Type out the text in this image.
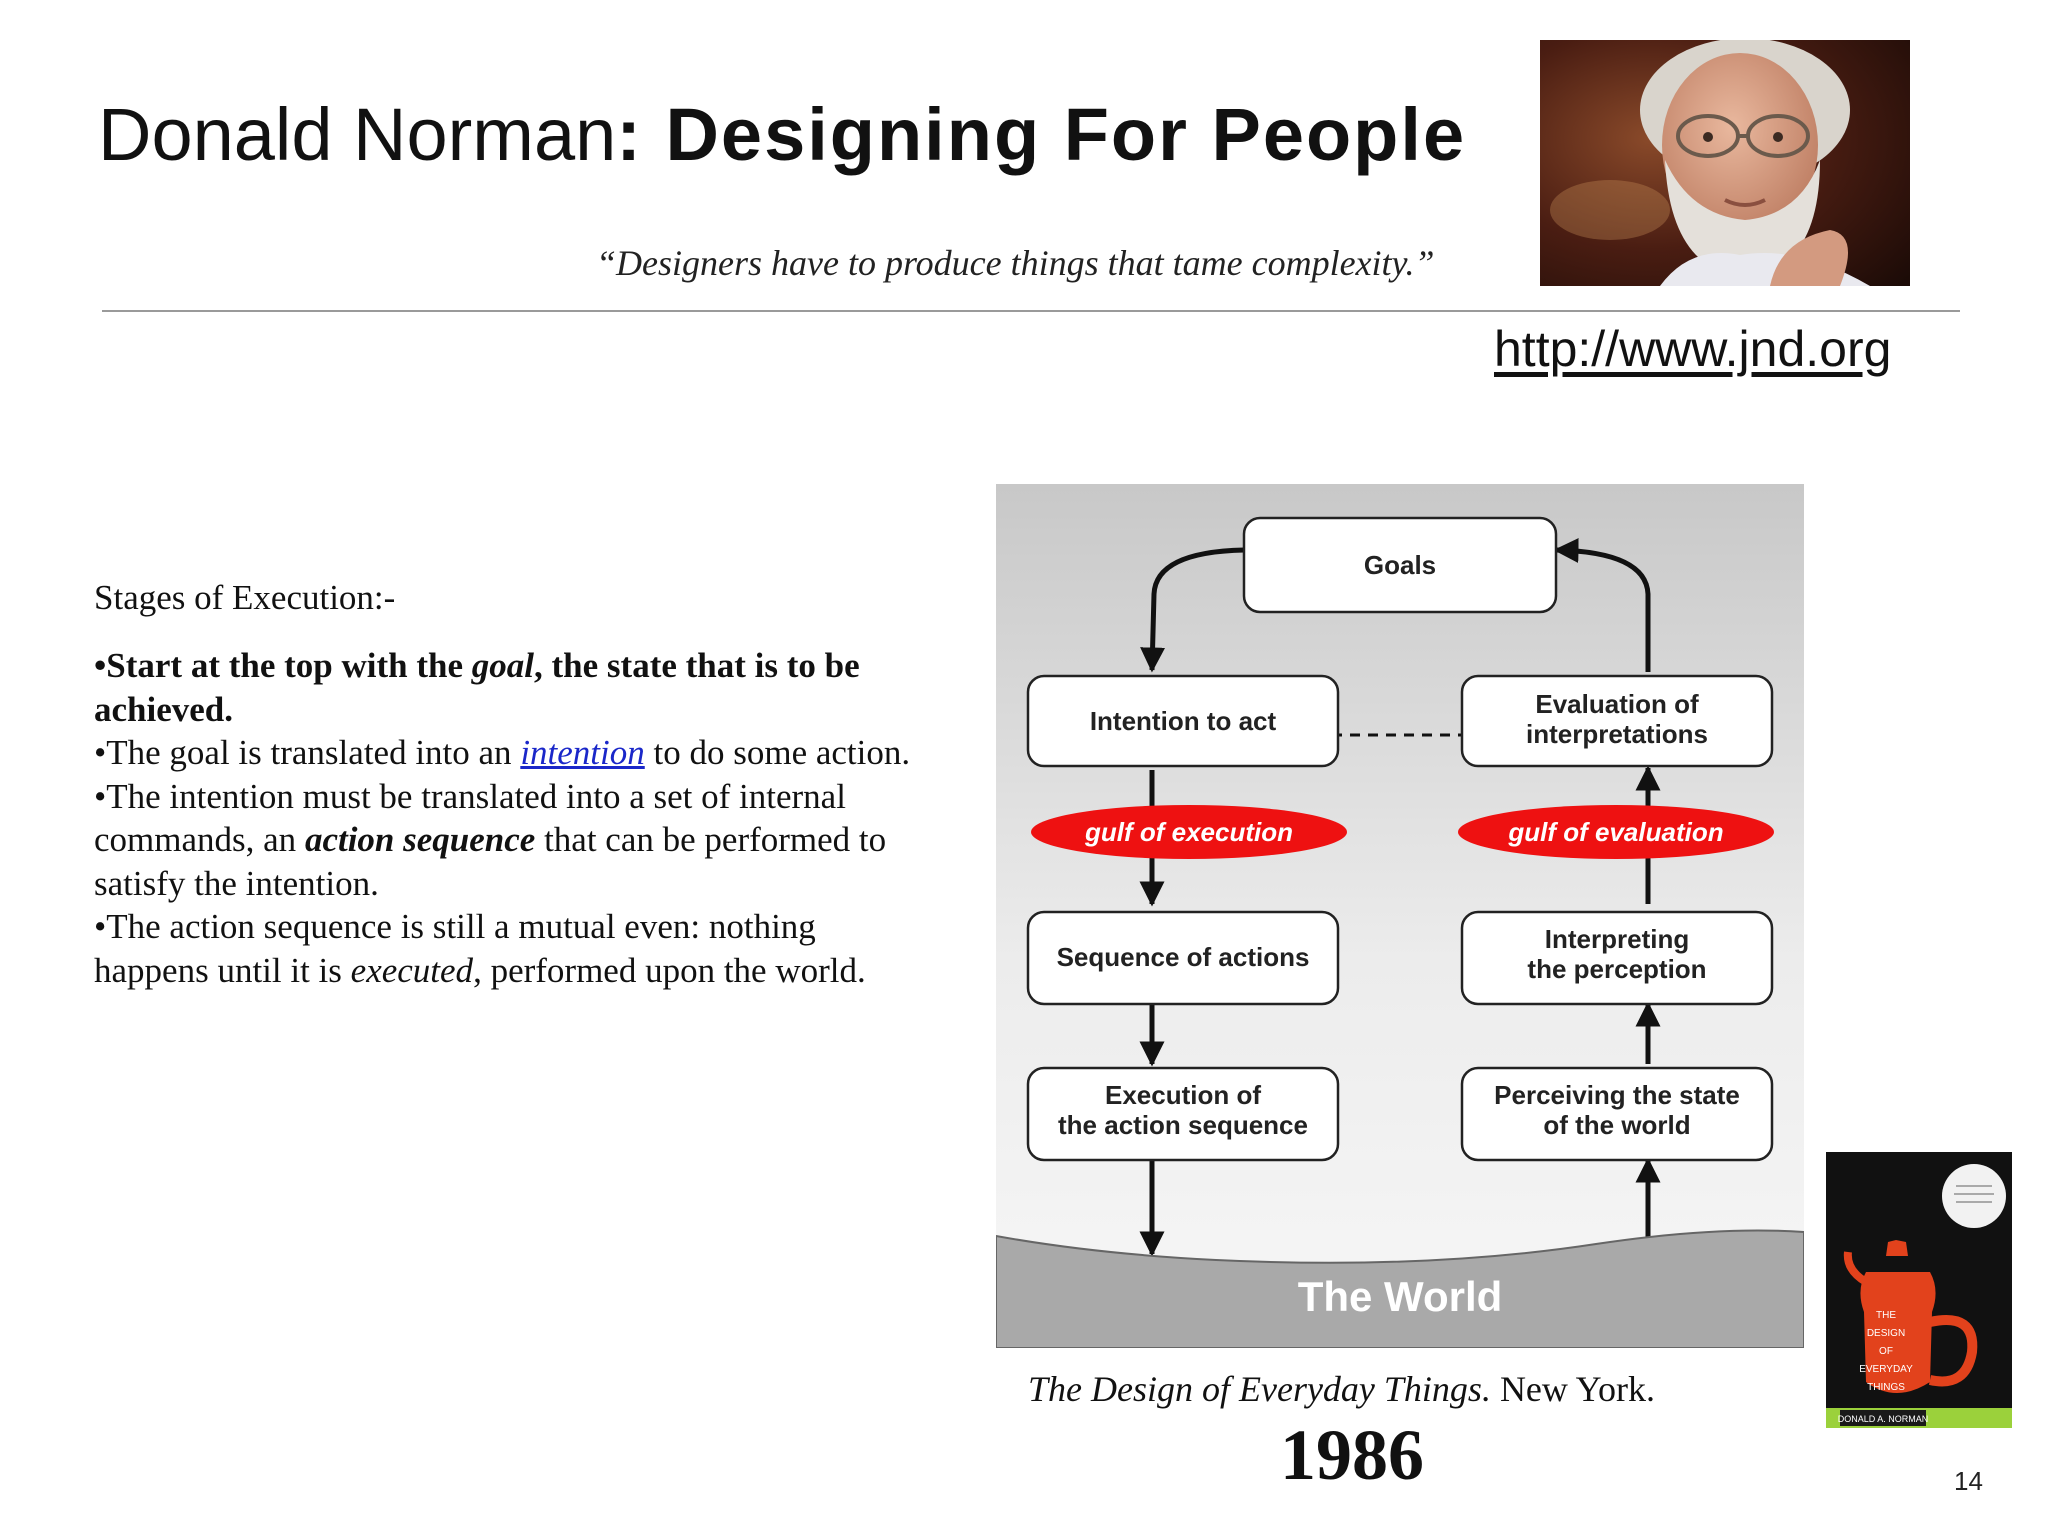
Donald Norman: Designing For People
“Designers have to produce things that tame complexity.”
http://www.jnd.org
Stages of Execution:-

•Start at the top with the goal, the state that is to be achieved.

•The goal is translated into an intention to do some action.

•The intention must be translated into a set of internal commands, an action sequence that can be performed to satisfy the intention.

•The action sequence is still a mutual even: nothing happens until it is executed, performed upon the world.

Goals
Intention to act
Evaluation of
interpretations
Sequence of actions
Interpreting
the perception
Execution of
the action sequence
Perceiving the state
of the world
gulf of execution	gulf of evaluation
The World
The Design of Everyday Things. New York.
1986
THE
DESIGN
OF
EVERYDAY
THINGS
DONALD A. NORMAN
14
